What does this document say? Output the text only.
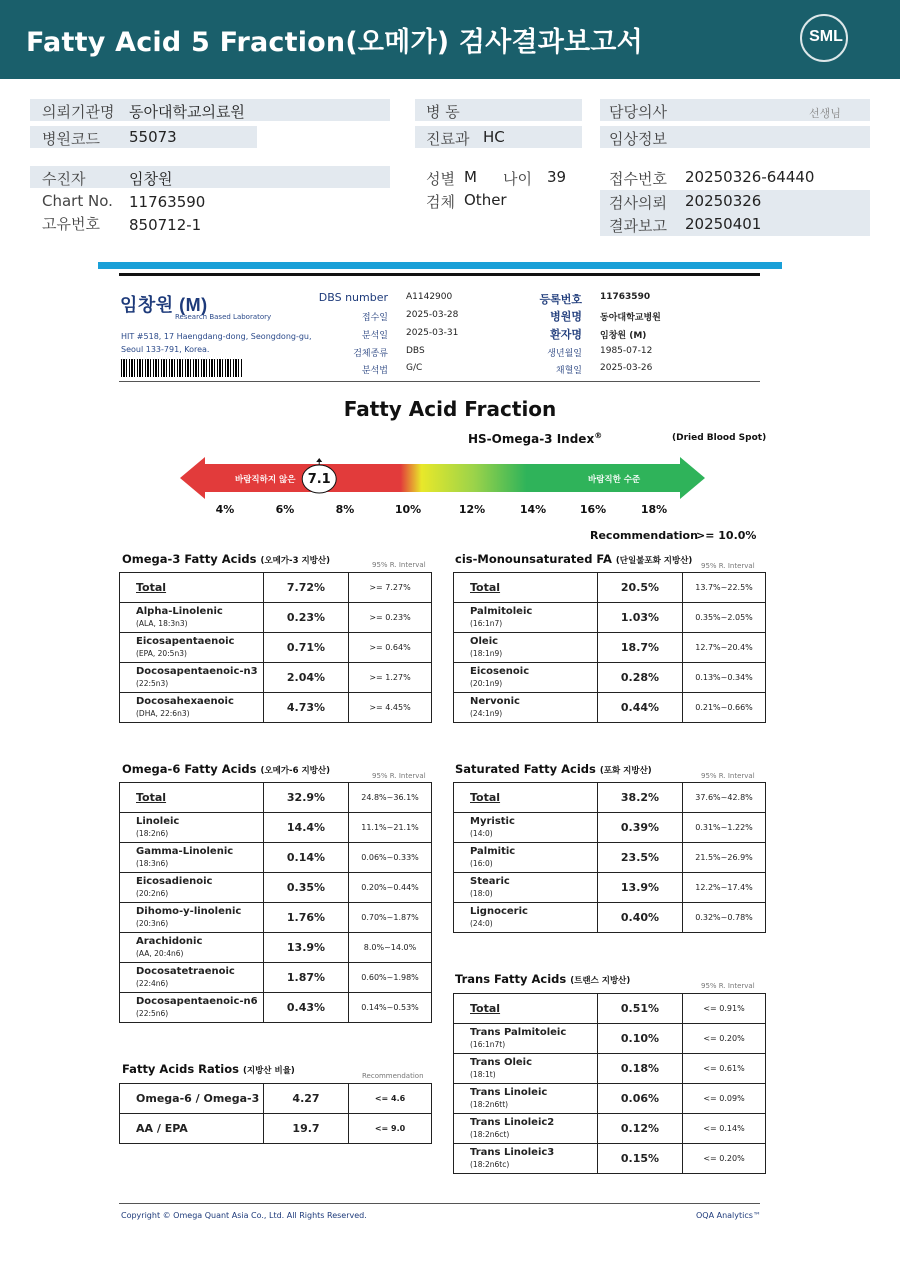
Fatty Acid 5 Fraction(오메가) 검사결과보고서	SML
의뢰기관명 동아대학교의료원
병원코드 55073
병 동
진료과 HC
담당의사	선생님
임상정보
수진자	임창원
Chart No. 11763590
고유번호 850712-1
성별 M 나이 39
검체 Other
접수번호 20250326-64440
검사의뢰 20250326
결과보고 20250401
임창원 (M)
Research Based Laboratory
HIT #518, 17 Haengdang-dong, Seongdong-gu,
Seoul 133-791, Korea.
DBS number A1142900
접수일 2025-03-28
분석일 2025-03-31
검체종류 DBS
분석법 G/C
등록번호 11763590
병원명 동아대학교병원
환자명 임창원 (M)
생년월일 1985-07-12
채혈일 2025-03-26
Fatty Acid Fraction
HS-Omega-3 Index®	(Dried Blood Spot)
바람직하지 않은	바람직한 수준
7.1
4%	6%	8%	10%	12%	14%	16%	18%
Recommendation
>= 10.0%
Omega-3 Fatty Acids (오메가-3 지방산)	95% R. Interval
Total	7.72%	>= 7.27%
Alpha-Linolenic
(ALA, 18:3n3)	0.23%	>= 0.23%
Eicosapentaenoic
(EPA, 20:5n3)	0.71%	>= 0.64%
Docosapentaenoic-n3
(22:5n3)	2.04%	>= 1.27%
Docosahexaenoic
(DHA, 22:6n3)	4.73%	>= 4.45%
cis-Monounsaturated FA (단일불포화 지방산) 95% R. Interval
Total	20.5%	13.7%~22.5%
Palmitoleic
(16:1n7)	1.03%	0.35%~2.05%
Oleic
(18:1n9)	18.7%	12.7%~20.4%
Eicosenoic
(20:1n9)	0.28%	0.13%~0.34%
Nervonic
(24:1n9)	0.44%	0.21%~0.66%
Omega-6 Fatty Acids (오메가-6 지방산)	95% R. Interval
Total	32.9%	24.8%~36.1%
Linoleic
(18:2n6)	14.4%	11.1%~21.1%
Gamma-Linolenic
(18:3n6)	0.14%	0.06%~0.33%
Eicosadienoic
(20:2n6)	0.35%	0.20%~0.44%
Dihomo-y-linolenic
(20:3n6)	1.76%	0.70%~1.87%
Arachidonic
(AA, 20:4n6)	13.9%	8.0%~14.0%
Docosatetraenoic
(22:4n6)	1.87%	0.60%~1.98%
Docosapentaenoic-n6
(22:5n6)	0.43%	0.14%~0.53%
Saturated Fatty Acids (포화 지방산)	95% R. Interval
Total	38.2%	37.6%~42.8%
Myristic
(14:0)	0.39%	0.31%~1.22%
Palmitic
(16:0)	23.5%	21.5%~26.9%
Stearic
(18:0)	13.9%	12.2%~17.4%
Lignoceric
(24:0)	0.40%	0.32%~0.78%
Trans Fatty Acids (트랜스 지방산)	95% R. Interval
Total	0.51%	<= 0.91%
Trans Palmitoleic
(16:1n7t)	0.10%	<= 0.20%
Trans Oleic
(18:1t)	0.18%	<= 0.61%
Trans Linoleic
(18:2n6tt)	0.06%	<= 0.09%
Trans Linoleic2
(18:2n6ct)	0.12%	<= 0.14%
Trans Linoleic3
(18:2n6tc)	0.15%	<= 0.20%
Fatty Acids Ratios (지방산 비율)	Recommendation
Omega-6 / Omega-3	4.27	<= 4.6
AA / EPA	19.7	<= 9.0
Copyright © Omega Quant Asia Co., Ltd. All Rights Reserved.	OQA Analytics™
